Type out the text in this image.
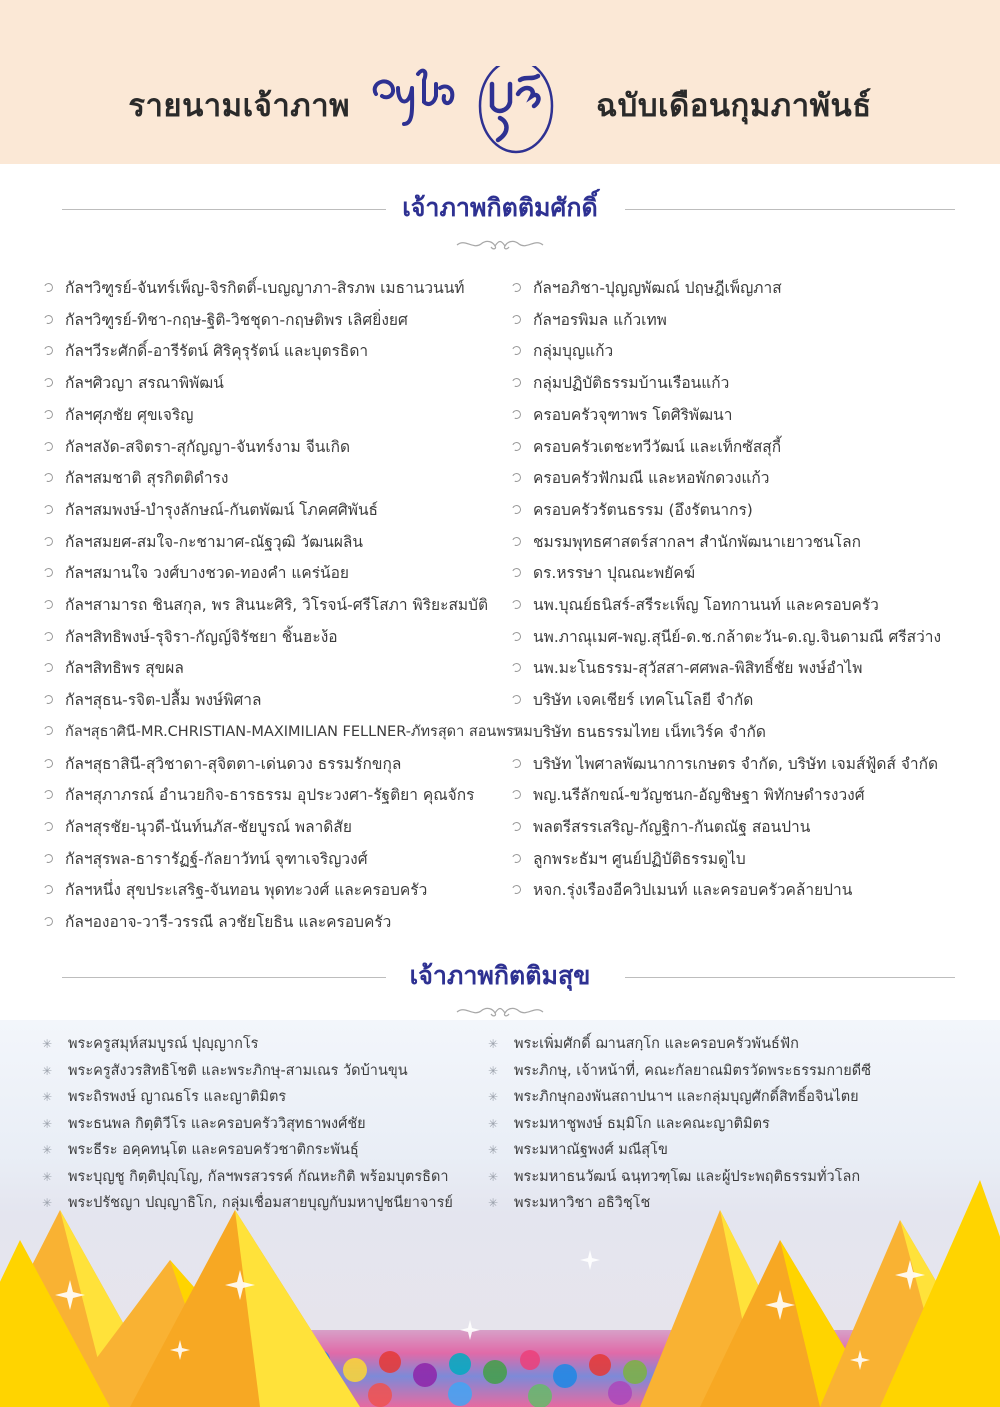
รายนามเจ้าภาพ	ฉบับเดือนกุมภาพันธ์
เจ้าภาพกิตติมศักดิ์
กัลฯวิฑูรย์-จันทร์เพ็ญ-จิรกิตติ์-เบญญาภา-สิรภพ เมธานวนนท์
กัลฯวิฑูรย์-ทิชา-กฤษ-ฐิติ-วิชชุดา-กฤษติพร เลิศยิ่งยศ
กัลฯวีระศักดิ์-อารีรัตน์ ศิริคุรุรัตน์ และบุตรธิดา
กัลฯศิวญา สรณาพิพัฒน์
กัลฯศุภชัย ศุขเจริญ
กัลฯสงัด-สจิตรา-สุกัญญา-จันทร์งาม จีนเกิด
กัลฯสมชาติ สุรกิตติดำรง
กัลฯสมพงษ์-บำรุงลักษณ์-กันตพัฒน์ โภคศศิพันธ์
กัลฯสมยศ-สมใจ-กะชามาศ-ณัฐวุฒิ วัฒนผลิน
กัลฯสมานใจ วงศ์บางชวด-ทองคำ แคร่น้อย
กัลฯสามารถ ชินสกุล, พร สินนะศิริ, วิโรจน์-ศรีโสภา พิริยะสมบัติ
กัลฯสิทธิพงษ์-รุจิรา-กัญญ์จิรัชยา ชิ้นฮะง้อ
กัลฯสิทธิพร สุขผล
กัลฯสุธน-รจิต-ปลื้ม พงษ์พิศาล
กัลฯสุธาศินี-MR.CHRISTIAN-MAXIMILIAN FELLNER-ภัทรสุดา สอนพรหม
กัลฯสุธาสินี-สุวิชาดา-สุจิตตา-เด่นดวง ธรรมรักขกุล
กัลฯสุภาภรณ์ อำนวยกิจ-ธารธรรม อุประวงศา-รัฐติยา คุณจักร
กัลฯสุรชัย-นุวดี-นันท์นภัส-ชัยบูรณ์ พลาดิสัย
กัลฯสุรพล-ธารารัฏฐ์-กัลยาวัทน์ จุฑาเจริญวงศ์
กัลฯหนึ่ง สุขประเสริฐ-จันทอน พุดทะวงศ์ และครอบครัว
กัลฯองอาจ-วารี-วรรณี ลวชัยโยธิน และครอบครัว
กัลฯอภิชา-ปุญญพัฒณ์ ปฤษฎีเพ็ญภาส
กัลฯอรพิมล แก้วเทพ
กลุ่มบุญแก้ว
กลุ่มปฏิบัติธรรมบ้านเรือนแก้ว
ครอบครัวจุฑาพร โตศิริพัฒนา
ครอบครัวเตชะทวีวัฒน์ และเท็กซัสสุกี้
ครอบครัวฟักมณี และหอพักดวงแก้ว
ครอบครัวรัตนธรรม (อึงรัตนากร)
ชมรมพุทธศาสตร์สากลฯ สำนักพัฒนาเยาวชนโลก
ดร.หรรษา ปุณณะพยัคฆ์
นพ.บุณย์ธนิสร์-สรีระเพ็ญ โอทกานนท์ และครอบครัว
นพ.ภาณุเมศ-พญ.สุนีย์-ด.ช.กล้าตะวัน-ด.ญ.จินดามณี ศรีสว่าง
นพ.มะโนธรรม-สุวัสสา-ศศพล-พิสิทธิ์ชัย พงษ์อำไพ
บริษัท เจคเชียร์ เทคโนโลยี จำกัด
บริษัท ธนธรรมไทย เน็ทเวิร์ค จำกัด
บริษัท ไพศาลพัฒนาการเกษตร จำกัด, บริษัท เจมส์ฟู้ดส์ จำกัด
พญ.นรีลักขณ์-ขวัญชนก-อัญชิษฐา พิทักษดำรงวงศ์
พลตรีสรรเสริญ-กัญฐิกา-กันตณัฐ สอนปาน
ลูกพระธัมฯ ศูนย์ปฏิบัติธรรมดูไบ
หจก.รุ่งเรืองอีควิปเมนท์ และครอบครัวคล้ายปาน
เจ้าภาพกิตติมสุข
✳ พระครูสมุห์สมบูรณ์ ปุญฺญากโร
✳ พระครูสังวรสิทธิโชติ และพระภิกษุ-สามเณร วัดบ้านขุน
✳ พระถิรพงษ์ ญาณธโร และญาติมิตร
✳ พระธนพล กิตฺติวีโร และครอบครัววิสุทธาพงศ์ชัย
✳ พระธีระ อคฺคทนฺโต และครอบครัวชาติกระพันธุ์
✳ พระบุญชู กิตฺติปุญฺโญ, กัลฯพรสวรรค์ กัณหะกิติ พร้อมบุตรธิดา
✳ พระปรัชญา ปญฺญาธิโก, กลุ่มเชื่อมสายบุญกับมหาปูชนียาจารย์
✳ พระเพิ่มศักดิ์ ฌานสกฺโก และครอบครัวพันธ์ฟัก
✳ พระภิกษุ, เจ้าหน้าที่, คณะกัลยาณมิตรวัดพระธรรมกายดีซี
✳ พระภิกษุกองพันสถาปนาฯ และกลุ่มบุญศักดิ์สิทธิ์อจินไตย
✳ พระมหาชูพงษ์ ธมฺมิโก และคณะญาติมิตร
✳ พระมหาณัฐพงศ์ มณีสุโข
✳ พระมหาธนวัฒน์ ฉนฺทวฑฺโฒ และผู้ประพฤติธรรมทั่วโลก
✳ พระมหาวิชา อธิวิชฺโช
